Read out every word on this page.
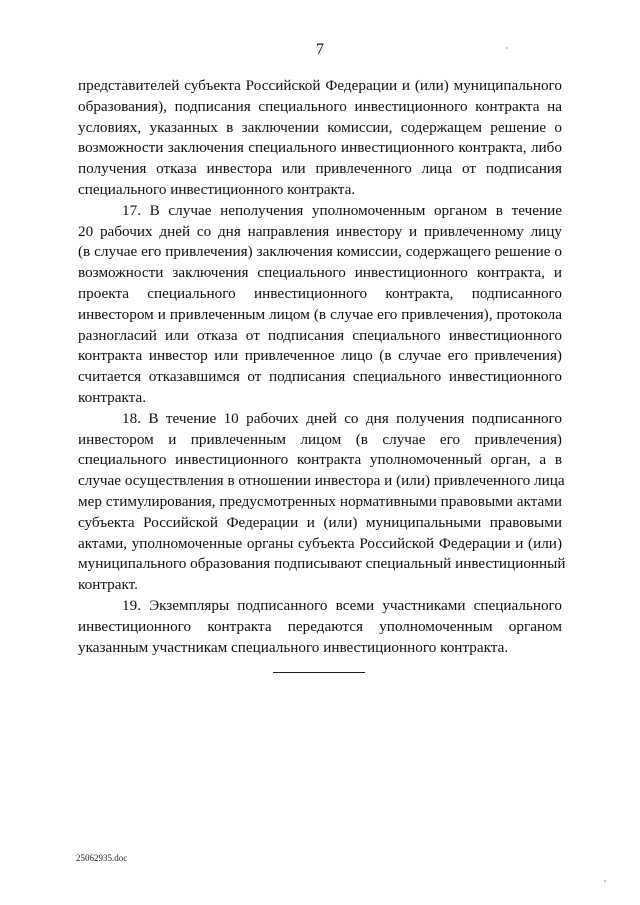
7
представителей субъекта Российской Федерации и (или) муниципального
образования), подписания специального инвестиционного контракта на
условиях, указанных в заключении комиссии, содержащем решение о
возможности заключения специального инвестиционного контракта, либо
получения отказа инвестора или привлеченного лица от подписания
специального инвестиционного контракта.
17. В случае неполучения уполномоченным органом в течение
20 рабочих дней со дня направления инвестору и привлеченному лицу
(в случае его привлечения) заключения комиссии, содержащего решение о
возможности заключения специального инвестиционного контракта, и
проекта специального инвестиционного контракта, подписанного
инвестором и привлеченным лицом (в случае его привлечения), протокола
разногласий или отказа от подписания специального инвестиционного
контракта инвестор или привлеченное лицо (в случае его привлечения)
считается отказавшимся от подписания специального инвестиционного
контракта.
18. В течение 10 рабочих дней со дня получения подписанного
инвестором и привлеченным лицом (в случае его привлечения)
специального инвестиционного контракта уполномоченный орган, а в
случае осуществления в отношении инвестора и (или) привлеченного лица
мер стимулирования, предусмотренных нормативными правовыми актами
субъекта Российской Федерации и (или) муниципальными правовыми
актами, уполномоченные органы субъекта Российской Федерации и (или)
муниципального образования подписывают специальный инвестиционный
контракт.
19. Экземпляры подписанного всеми участниками специального
инвестиционного контракта передаются уполномоченным органом
указанным участникам специального инвестиционного контракта.
25062935.doc
